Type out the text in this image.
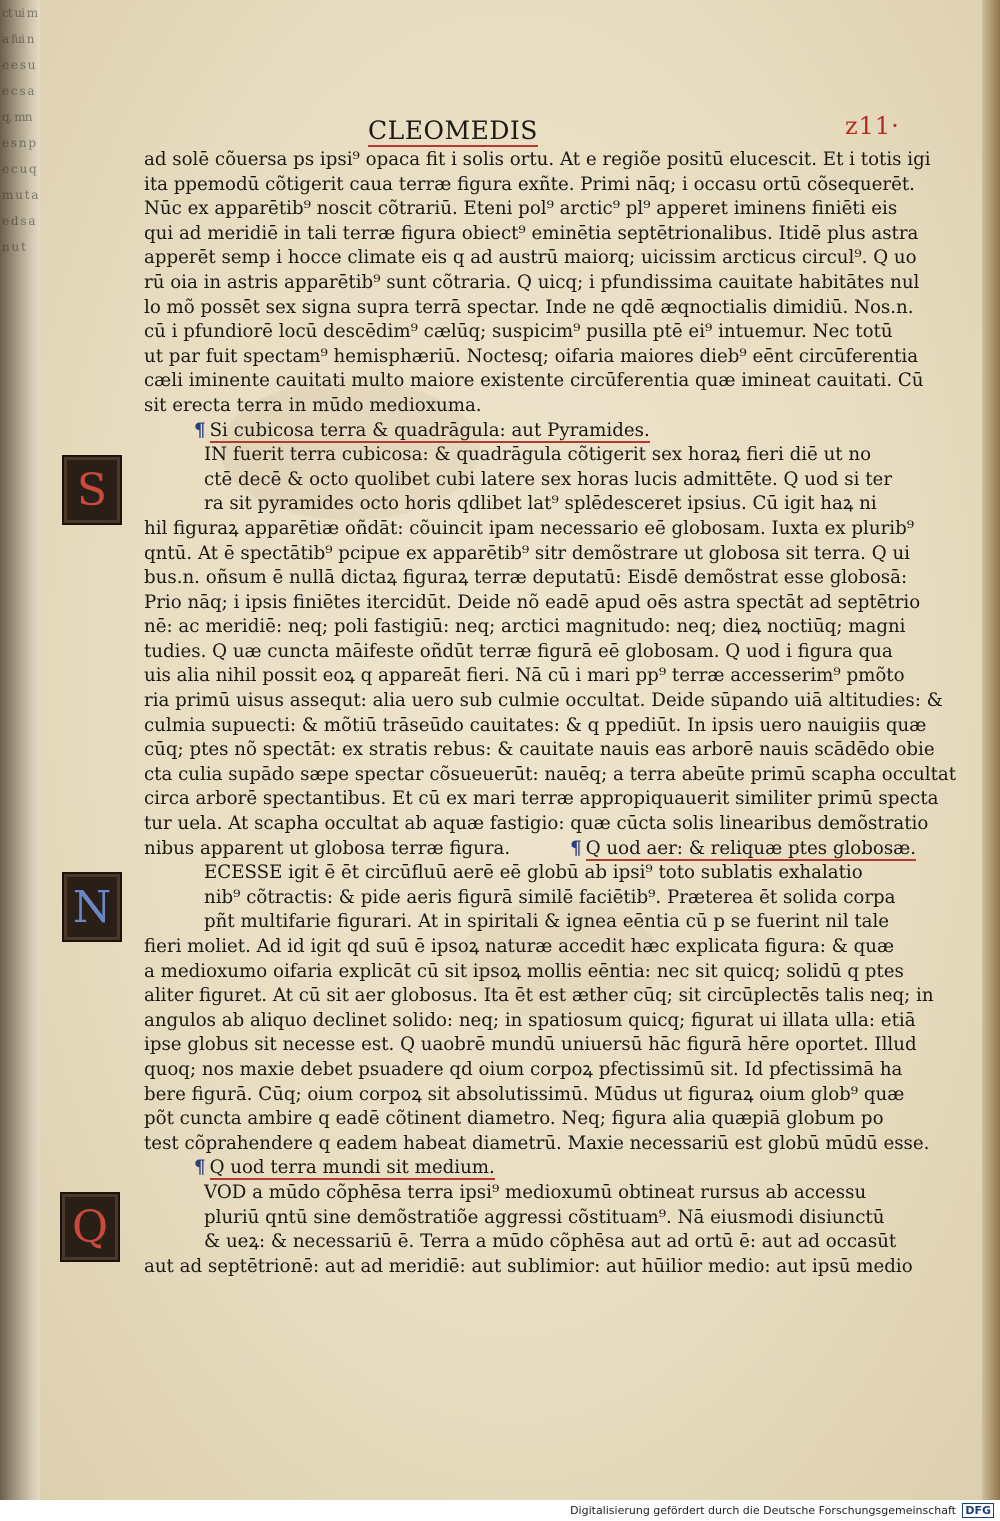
ct ui m a fui ne e s ue c s a q, mn e s n p e c u q m u t a e d s a n u t
CLEOMEDIS	z11·
S
N
Q
ad solē cõuersa ps ipsi⁹ opaca fit i solis ortu. At e regiõe positū elucescit. Et i totis igi
ita ppemodū cõtigerit caua terræ figura exñte. Primi nāq; i occasu ortū cõsequerēt.
Nūc ex apparētib⁹ noscit cõtrariū. Eteni pol⁹ arctic⁹ pl⁹ apperet iminens finiēti eis
qui ad meridiē in tali terræ figura obiect⁹ eminētia septētrionalibus. Itidē plus astra
apperēt semp i hocce climate eis q ad austrū maiorq; uicissim arcticus circul⁹. Q uo
rū oia in astris apparētib⁹ sunt cõtraria. Q uicq; i pfundissima cauitate habitātes nul
lo mõ possēt sex signa supra terrā spectar. Inde ne qdē æqnoctialis dimidiū. Nos.n.
cū i pfundiorē locū descēdim⁹ cælūq; suspicim⁹ pusilla ptē ei⁹ intuemur. Nec totū
ut par fuit spectam⁹ hemisphæriū. Noctesq; oifaria maiores dieb⁹ eēnt circūferentia
cæli iminente cauitati multo maiore existente circūferentia quæ imineat cauitati. Cū
sit erecta terra in mūdo medioxuma.
¶ Si cubicosa terra & quadrāgula: aut Pyramides.
IN fuerit terra cubicosa: & quadrāgula cõtigerit sex horaꝝ fieri diē ut no
ctē decē & octo quolibet cubi latere sex horas lucis admittēte. Q uod si ter
ra sit pyramides octo horis qdlibet lat⁹ splēdesceret ipsius. Cū igit haꝝ ni
hil figuraꝝ apparētiæ oñdāt: cõuincit ipam necessario eē globosam. Iuxta ex plurib⁹
qntū. At ē spectātib⁹ pcipue ex apparētib⁹ sitr demõstrare ut globosa sit terra. Q ui
bus.n. oñsum ē nullā dictaꝝ figuraꝝ terræ deputatū: Eisdē demõstrat esse globosā:
Prio nāq; i ipsis finiētes itercidūt. Deide nõ eadē apud oēs astra spectāt ad septētrio
nē: ac meridiē: neq; poli fastigiū: neq; arctici magnitudo: neq; dieꝝ noctiūq; magni
tudies. Q uæ cuncta māifeste oñdūt terræ figurā eē globosam. Q uod i figura qua
uis alia nihil possit eoꝝ q appareāt fieri. Nā cū i mari pp⁹ terræ accesserim⁹ pmõto
ria primū uisus assequt: alia uero sub culmie occultat. Deide sūpando uiā altitudies: &
culmia supuecti: & mõtiū trāseūdo cauitates: & q ppediūt. In ipsis uero nauigiis quæ
cūq; ptes nõ spectāt: ex stratis rebus: & cauitate nauis eas arborē nauis scādēdo obie
cta culia supādo sæpe spectar cõsueuerūt: nauēq; a terra abeūte primū scapha occultat
circa arborē spectantibus. Et cū ex mari terræ appropiquauerit similiter primū specta
tur uela. At scapha occultat ab aquæ fastigio: quæ cūcta solis linearibus demõstratio
nibus apparent ut globosa terræ figura.	¶ Q uod aer: & reliquæ ptes globosæ.
ECESSE igit ē ēt circūfluū aerē eē globū ab ipsi⁹ toto sublatis exhalatio
nib⁹ cõtractis: & pide aeris figurā similē faciētib⁹. Præterea ēt solida corpa
pñt multifarie figurari. At in spiritali & ignea eēntia cū p se fuerint nil tale
fieri moliet. Ad id igit qd suū ē ipsoꝝ naturæ accedit hæc explicata figura: & quæ
a medioxumo oifaria explicāt cū sit ipsoꝝ mollis eēntia: nec sit quicq; solidū q ptes
aliter figuret. At cū sit aer globosus. Ita ēt est æther cūq; sit circūplectēs talis neq; in
angulos ab aliquo declinet solido: neq; in spatiosum quicq; figurat ui illata ulla: etiā
ipse globus sit necesse est. Q uaobrē mundū uniuersū hāc figurā hēre oportet. Illud
quoq; nos maxie debet psuadere qd oium corpoꝝ pfectissimū sit. Id pfectissimā ha
bere figurā. Cūq; oium corpoꝝ sit absolutissimū. Mūdus ut figuraꝝ oium glob⁹ quæ
põt cuncta ambire q eadē cõtinent diametro. Neq; figura alia quæpiā globum po
test cõprahendere q eadem habeat diametrū. Maxie necessariū est globū mūdū esse.
¶ Q uod terra mundi sit medium.
VOD a mūdo cõphēsa terra ipsi⁹ medioxumū obtineat rursus ab accessu
pluriū qntū sine demõstratiõe aggressi cõstituam⁹. Nā eiusmodi disiunctū
& ueꝝ: & necessariū ē. Terra a mūdo cõphēsa aut ad ortū ē: aut ad occasūt
aut ad septētrionē: aut ad meridiē: aut sublimior: aut hūilior medio: aut ipsū medio
Digitalisierung gefördert durch die Deutsche Forschungsgemeinschaft DFG
